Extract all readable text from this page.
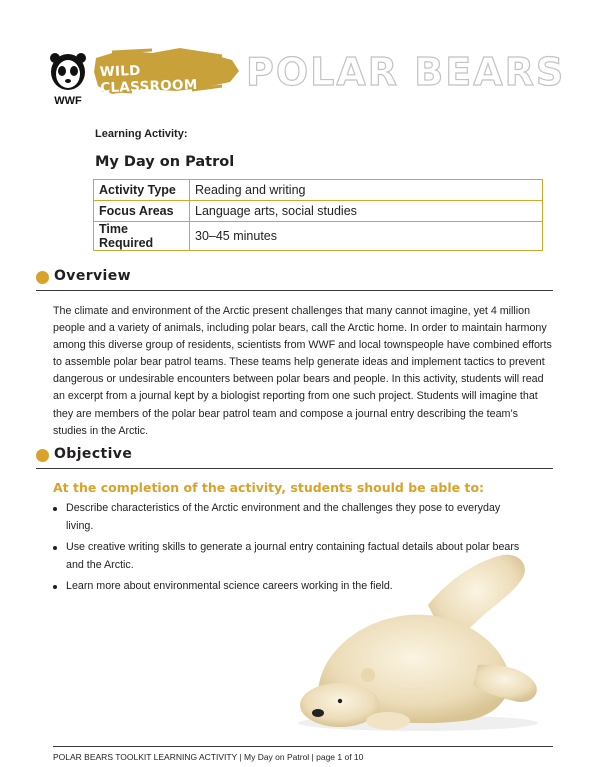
WWF
WILD CLASSROOM	POLAR BEARS
Learning Activity:
My Day on Patrol
Activity Type	Reading and writing
Focus Areas	Language arts, social studies
Time Required	30–45 minutes
Overview
The climate and environment of the Arctic present challenges that many cannot imagine, yet 4 million
people and a variety of animals, including polar bears, call the Arctic home. In order to maintain harmony
among this diverse group of residents, scientists from WWF and local townspeople have combined efforts
to assemble polar bear patrol teams. These teams help generate ideas and implement tactics to prevent
dangerous or undesirable encounters between polar bears and people. In this activity, students will read
an excerpt from a journal kept by a biologist reporting from one such project. Students will imagine that
they are members of the polar bear patrol team and compose a journal entry describing the team’s
studies in the Arctic.
Objective
At the completion of the activity, students should be able to:
Describe characteristics of the Arctic environment and the challenges they pose to everyday living.
Use creative writing skills to generate a journal entry containing factual details about polar bears
and the Arctic.
Learn more about environmental science careers working in the field.
POLAR BEARS TOOLKIT LEARNING ACTIVITY | My Day on Patrol | page 1 of 10
